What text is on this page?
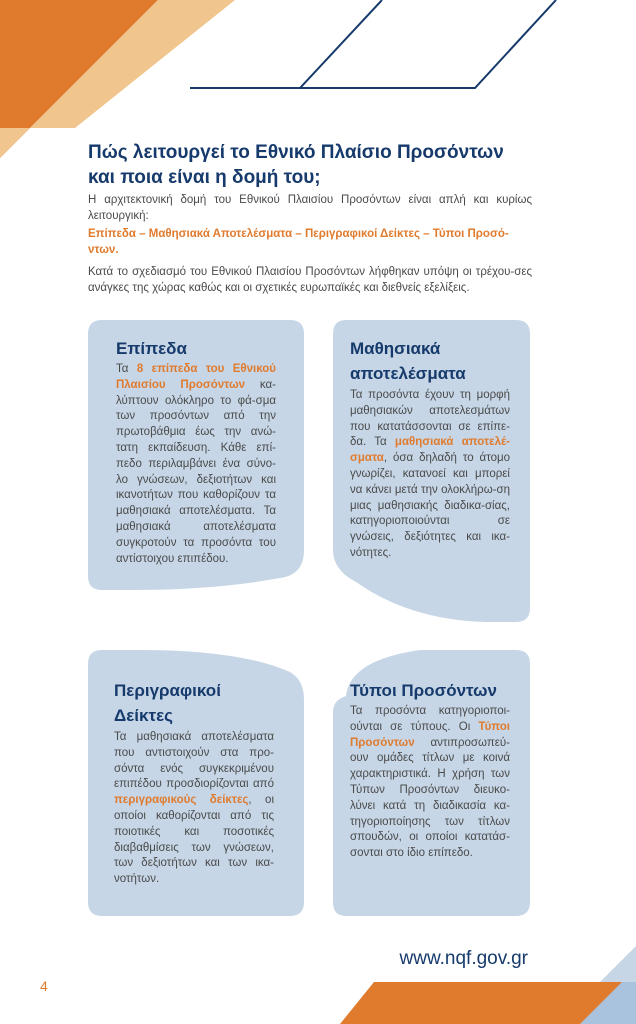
Πώς λειτουργεί το Εθνικό Πλαίσιο Προσόντων
και ποια είναι η δομή του;

Η αρχιτεκτονική δομή του Εθνικού Πλαισίου Προσόντων είναι απλή και κυρίως λειτουργική:

Επίπεδα – Μαθησιακά Αποτελέσματα – Περιγραφικοί Δείκτες – Τύποι Προσό-ντων.

Κατά το σχεδιασμό του Εθνικού Πλαισίου Προσόντων λήφθηκαν υπόψη οι τρέχου-σες ανάγκες της χώρας καθώς και οι σχετικές ευρωπαϊκές και διεθνείς εξελίξεις.

Επίπεδα

Τα 8 επίπεδα του Εθνικού Πλαισίου Προσόντων κα-λύπτουν ολόκληρο το φά-σμα των προσόντων από την πρωτοβάθμια έως την ανώ-τατη εκπαίδευση. Κάθε επί-πεδο περιλαμβάνει ένα σύνο-λο γνώσεων, δεξιοτήτων και ικανοτήτων που καθορίζουν τα μαθησιακά αποτελέσματα. Τα μαθησιακά αποτελέσματα συγκροτούν τα προσόντα του αντίστοιχου επιπέδου.

Μαθησιακά
αποτελέσματα

Τα προσόντα έχουν τη μορφή μαθησιακών αποτελεσμάτων που κατατάσσονται σε επίπε-δα. Τα μαθησιακά αποτελέ-σματα, όσα δηλαδή το άτομο γνωρίζει, κατανοεί και μπορεί να κάνει μετά την ολοκλήρω-ση μιας μαθησιακής διαδικα-σίας, κατηγοριοποιούνται σε γνώσεις, δεξιότητες και ικα-νότητες.

Περιγραφικοί
Δείκτες

Τα μαθησιακά αποτελέσματα που αντιστοιχούν στα προ-σόντα ενός συγκεκριμένου επιπέδου προσδιορίζονται από περιγραφικούς δείκτες, οι οποίοι καθορίζονται από τις ποιοτικές και ποσοτικές διαβαθμίσεις των γνώσεων, των δεξιοτήτων και των ικα-νοτήτων.

Τύποι Προσόντων

Τα προσόντα κατηγοριοποι-ούνται σε τύπους. Οι Τύποι Προσόντων αντιπροσωπεύ-ουν ομάδες τίτλων με κοινά χαρακτηριστικά. Η χρήση των Τύπων Προσόντων διευκο-λύνει κατά τη διαδικασία κα-τηγοριοποίησης των τίτλων σπουδών, οι οποίοι κατατάσ-σονται στο ίδιο επίπεδο.

www.nqf.gov.gr

4
